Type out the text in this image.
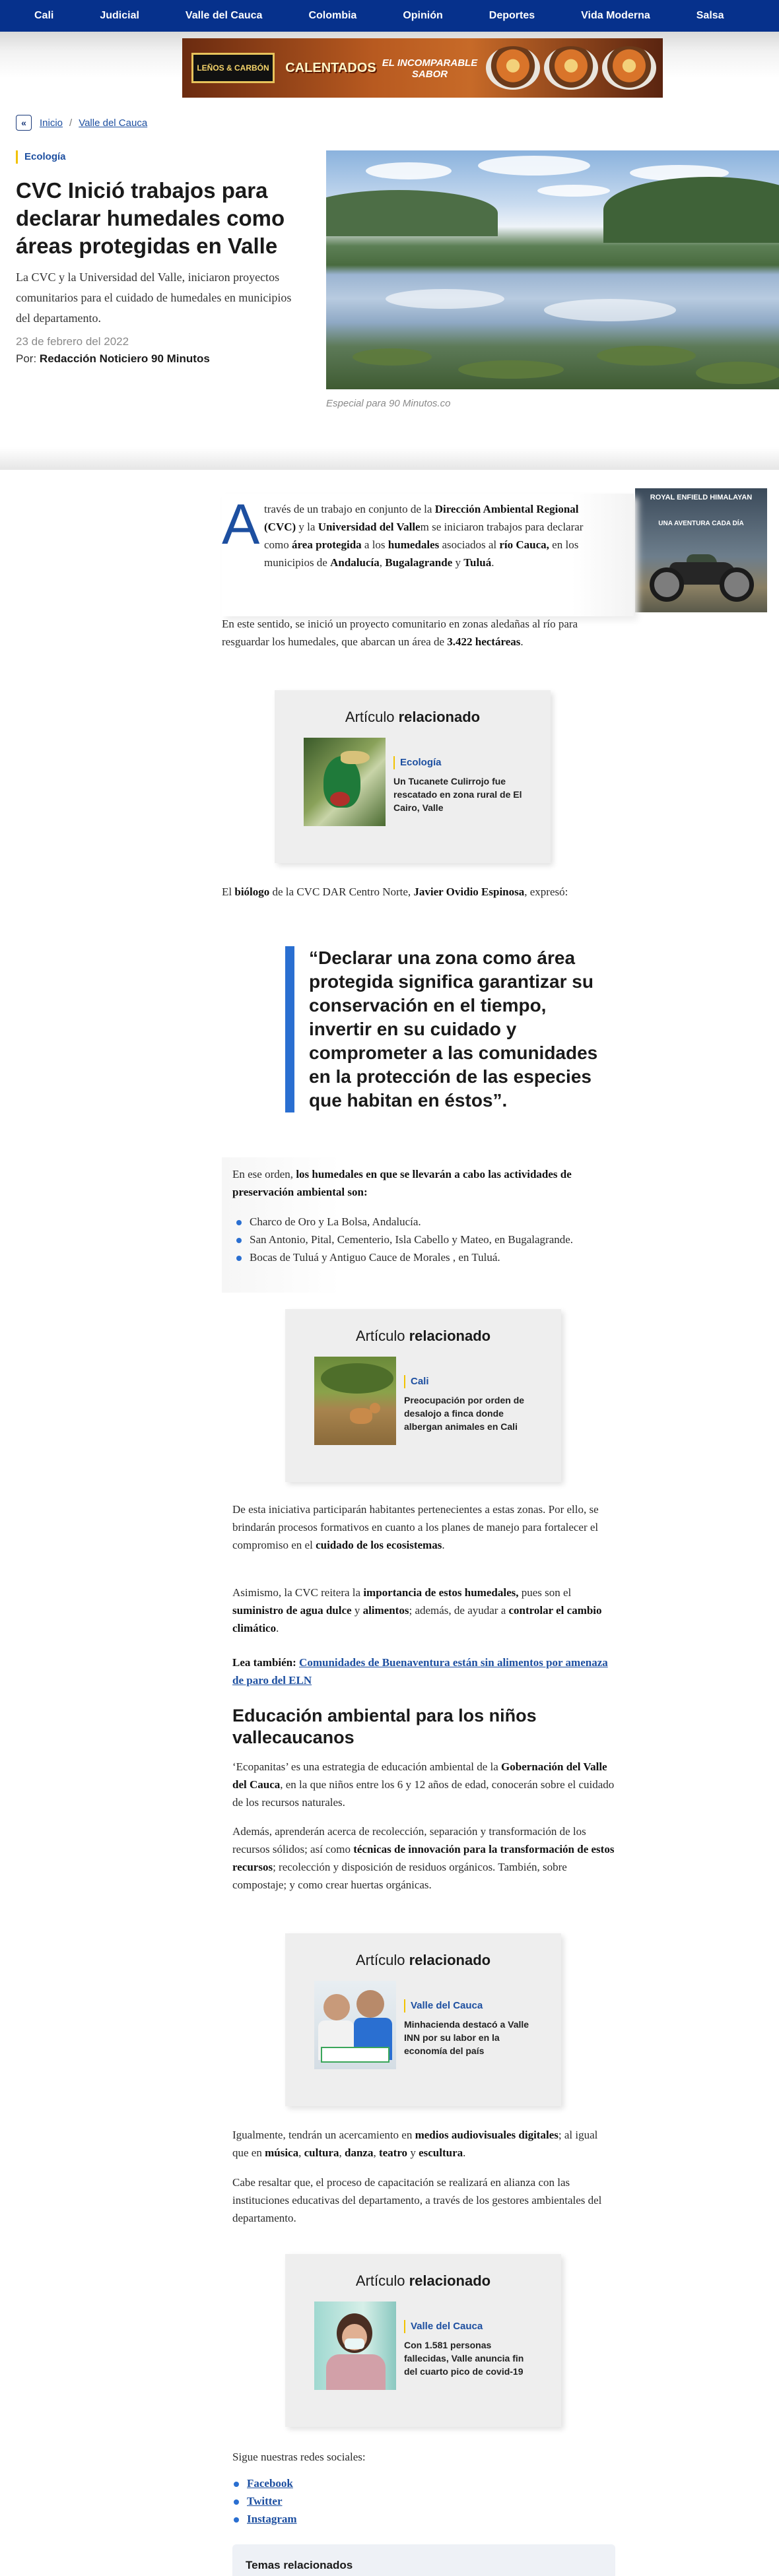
Cali	Judicial	Valle del Cauca	Colombia	Opinión	Deportes	Vida Moderna	Salsa
LEÑOS & CARBÓN	CALENTADOS EL INCOMPARABLE SABOR
«	Inicio / Valle del Cauca
Ecología
CVC Inició trabajos para declarar humedales como áreas protegidas en Valle

La CVC y la Universidad del Valle, iniciaron proyectos comunitarios para el cuidado de humedales en municipios del departamento.

23 de febrero del 2022
Por: Redacción Noticiero 90 Minutos
Especial para 90 Minutos.co
ROYAL ENFIELD HIMALAYAN
UNA AVENTURA CADA DÍA
A través de un trabajo en conjunto de la Dirección Ambiental Regional (CVC) y la Universidad del Vallem se iniciaron trabajos para declarar como área protegida a los humedales asociados al río Cauca, en los municipios de Andalucía, Bugalagrande y Tuluá.

En este sentido, se inició un proyecto comunitario en zonas aledañas al río para resguardar los humedales, que abarcan un área de 3.422 hectáreas.

Artículo relacionado
Ecología
Un Tucanete Culirrojo fue rescatado en zona rural de El Cairo, Valle

El biólogo de la CVC DAR Centro Norte, Javier Ovidio Espinosa, expresó:

“Declarar una zona como área protegida significa garantizar su conservación en el tiempo, invertir en su cuidado y comprometer a las comunidades en la protección de las especies que habitan en éstos”.

En ese orden, los humedales en que se llevarán a cabo las actividades de preservación ambiental son:

Charco de Oro y La Bolsa, Andalucía.
San Antonio, Pital, Cementerio, Isla Cabello y Mateo, en Bugalagrande.
Bocas de Tuluá y Antiguo Cauce de Morales , en Tuluá.
Artículo relacionado
Cali
Preocupación por orden de desalojo a finca donde albergan animales en Cali

De esta iniciativa participarán habitantes pertenecientes a estas zonas. Por ello, se brindarán procesos formativos en cuanto a los planes de manejo para fortalecer el compromiso en el cuidado de los ecosistemas.

Asimismo, la CVC reitera la importancia de estos humedales, pues son el suministro de agua dulce y alimentos; además, de ayudar a controlar el cambio climático.

Lea también: Comunidades de Buenaventura están sin alimentos por amenaza de paro del ELN

Educación ambiental para los niños vallecaucanos

‘Ecopanitas’ es una estrategia de educación ambiental de la Gobernación del Valle del Cauca, en la que niños entre los 6 y 12 años de edad, conocerán sobre el cuidado de los recursos naturales.

Además, aprenderán acerca de recolección, separación y transformación de los recursos sólidos; así como técnicas de innovación para la transformación de estos recursos; recolección y disposición de residuos orgánicos. También, sobre compostaje; y como crear huertas orgánicas.

Artículo relacionado
Valle del Cauca
Minhacienda destacó a Valle INN por su labor en la economía del país

Igualmente, tendrán un acercamiento en medios audiovisuales digitales; al igual que en música, cultura, danza, teatro y escultura.

Cabe resaltar que, el proceso de capacitación se realizará en alianza con las instituciones educativas del departamento, a través de los gestores ambientales del departamento.

Artículo relacionado
Valle del Cauca
Con 1.581 personas fallecidas, Valle anuncia fin del cuarto pico de covid-19

Sigue nuestras redes sociales:

Facebook
Twitter
Instagram
Temas relacionados
